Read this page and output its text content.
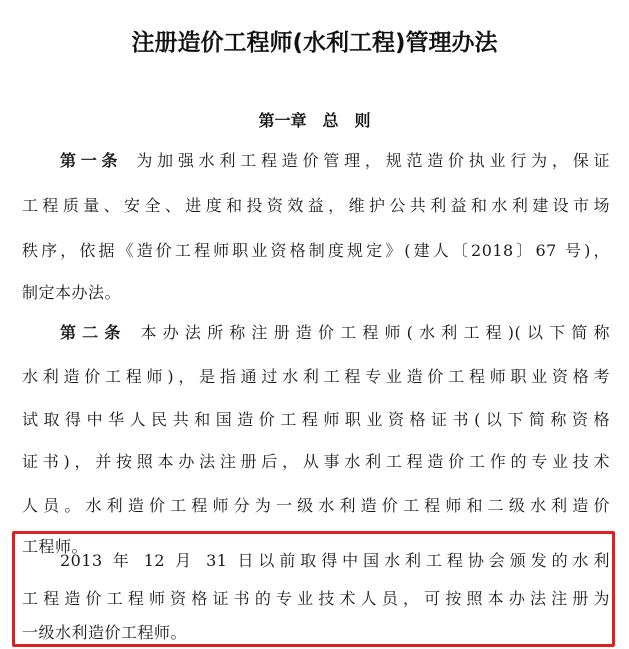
注册造价工程师(水利工程)管理办法
第一章　总　则
第一条 为加强水利工程造价管理，规范造价执业行为，保证
工程质量、安全、进度和投资效益，维护公共利益和水利建设市场
秩序，依据《造价工程师职业资格制度规定》(建人〔2018〕67 号)，
制定本办法。
第二条 本办法所称注册造价工程师(水利工程)(以下简称
水利造价工程师)，是指通过水利工程专业造价工程师职业资格考
试取得中华人民共和国造价工程师职业资格证书(以下简称资格
证书)，并按照本办法注册后，从事水利工程造价工作的专业技术
人员。水利造价工程师分为一级水利造价工程师和二级水利造价
工程师。
2013 年 12 月 31 日以前取得中国水利工程协会颁发的水利
工程造价工程师资格证书的专业技术人员，可按照本办法注册为
一级水利造价工程师。
